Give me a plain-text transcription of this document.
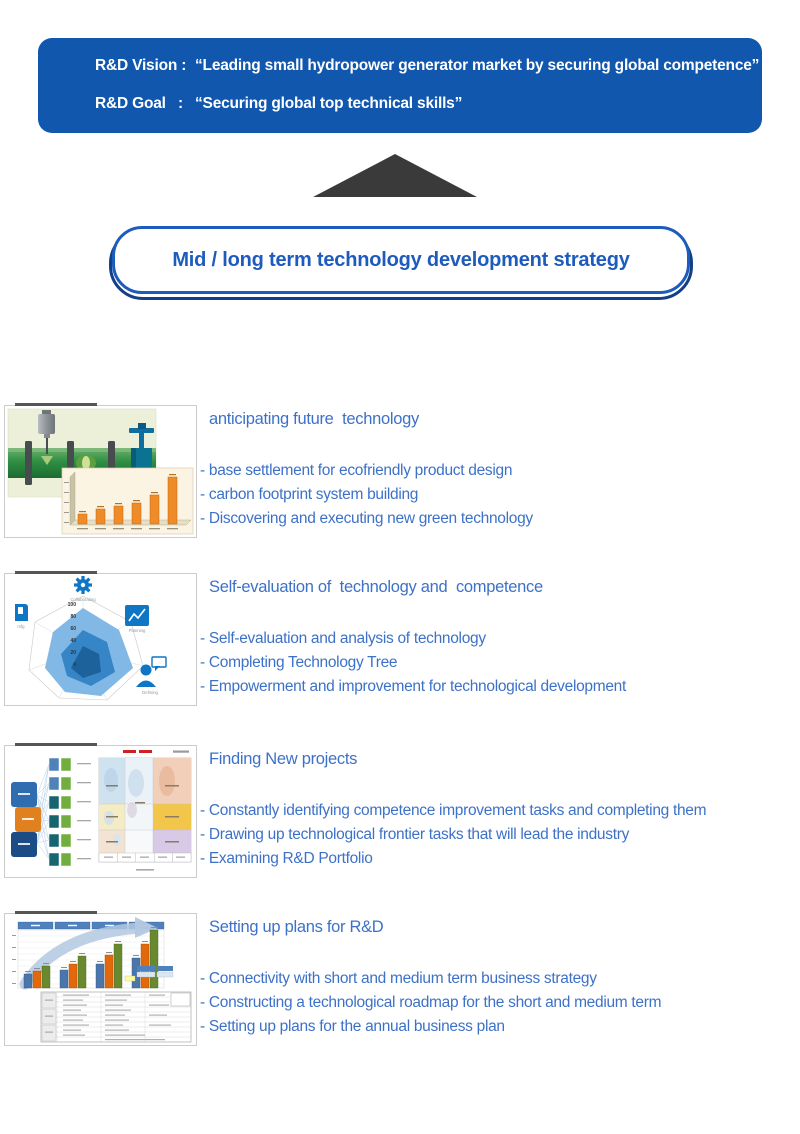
R&D Vision : “Leading small hydropower generator market by securing global competence”
R&D Goal   : “Securing global top technical skills”
Mid / long term technology development strategy
anticipating future  technology
- base settlement for ecofriendly product design
- carbon footprint system building
- Discovering and executing new green technology
100
80
60
40
20
0
Collaborating
Planning
mfg
Defining
Self-evaluation of  technology and  competence
- Self-evaluation and analysis of technology
- Completing Technology Tree
- Empowerment and improvement for technological development
Finding New projects
- Constantly identifying competence improvement tasks and completing them
- Drawing up technological frontier tasks that will lead the industry
- Examining R&D Portfolio
Setting up plans for R&D
- Connectivity with short and medium term business strategy
- Constructing a technological roadmap for the short and medium term
- Setting up plans for the annual business plan
